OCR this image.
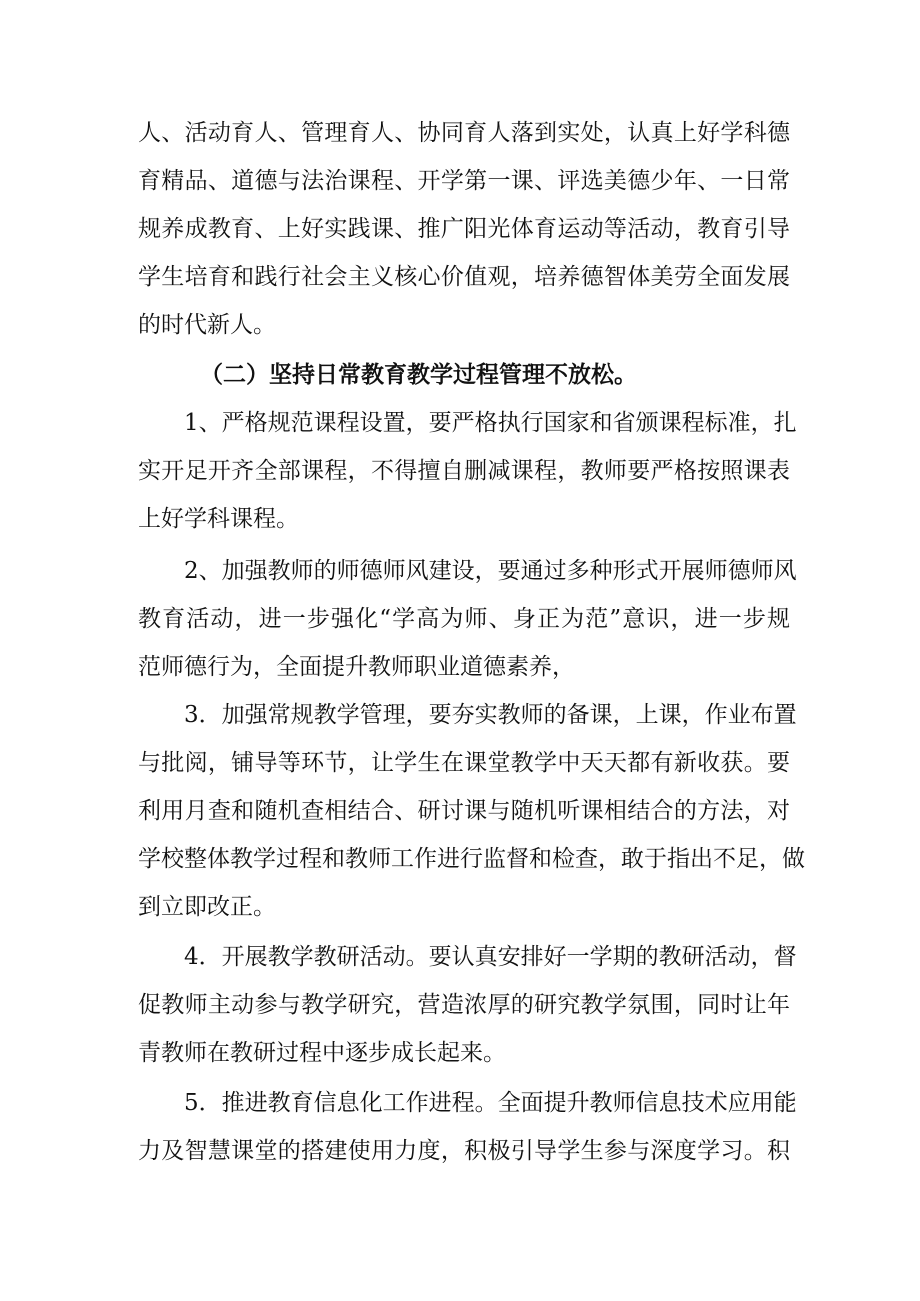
人、活动育人、管理育人、协同育人落到实处，认真上好学科德
育精品、道德与法治课程、开学第一课、评选美德少年、一日常
规养成教育、上好实践课、推广阳光体育运动等活动，教育引导
学生培育和践行社会主义核心价值观，培养德智体美劳全面发展
的时代新人。
（二）坚持日常教育教学过程管理不放松。
1、严格规范课程设置，要严格执行国家和省颁课程标准，扎
实开足开齐全部课程，不得擅自删减课程，教师要严格按照课表
上好学科课程。
2、加强教师的师德师风建设，要通过多种形式开展师德师风
教育活动，进一步强化“学高为师、身正为范”意识，进一步规
范师德行为，全面提升教师职业道德素养，
3．加强常规教学管理，要夯实教师的备课，上课，作业布置
与批阅，铺导等环节，让学生在课堂教学中天天都有新收获。要
利用月查和随机查相结合、研讨课与随机听课相结合的方法，对
学校整体教学过程和教师工作进行监督和检查，敢于指出不足，做
到立即改正。
4．开展教学教研活动。要认真安排好一学期的教研活动，督
促教师主动参与教学研究，营造浓厚的研究教学氛围，同时让年
青教师在教研过程中逐步成长起来。
5．推进教育信息化工作进程。全面提升教师信息技术应用能
力及智慧课堂的搭建使用力度，积极引导学生参与深度学习。积
